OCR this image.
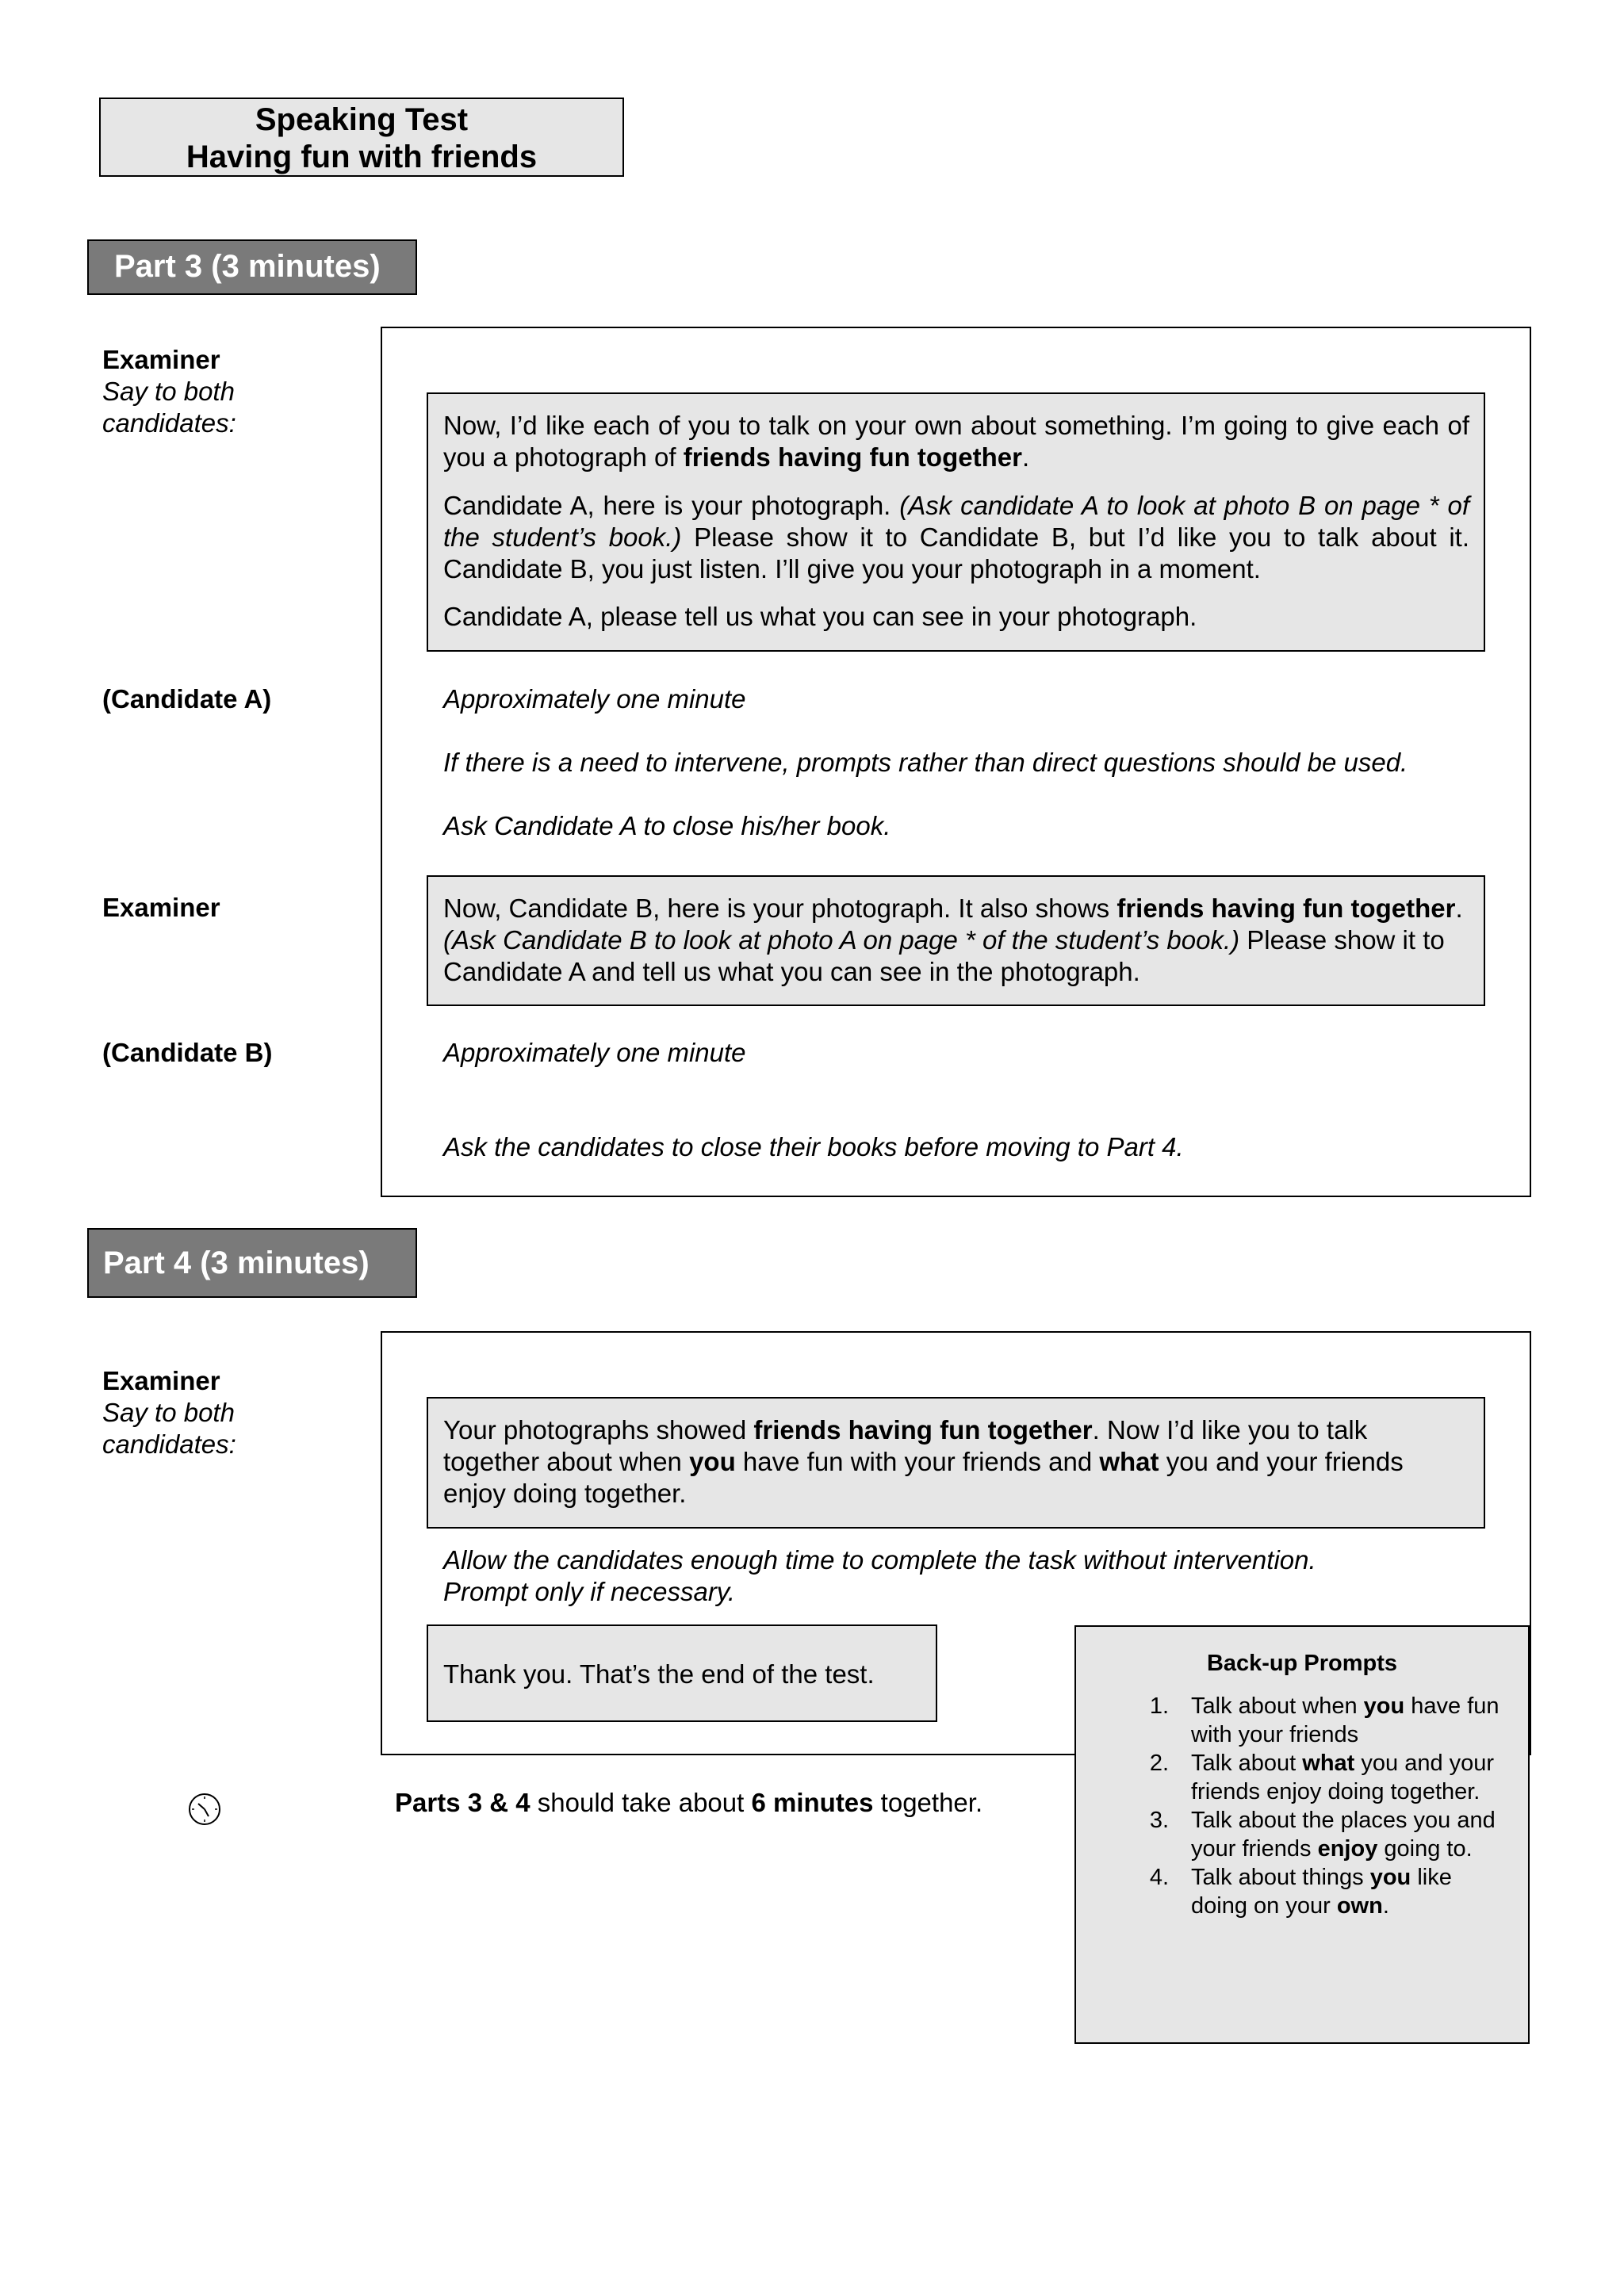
Speaking Test
Having fun with friends
Part 3 (3 minutes)
Examiner
Say to both candidates:
(Candidate A)
Examiner
(Candidate B)

Now, I’d like each of you to talk on your own about something. I’m going to give each of you a photograph of friends having fun together.

Candidate A, here is your photograph. (Ask candidate A to look at photo B on page * of the student’s book.) Please show it to Candidate B, but I’d like you to talk about it. Candidate B, you just listen. I’ll give you your photograph in a moment.

Candidate A, please tell us what you can see in your photograph.

Approximately one minute
If there is a need to intervene, prompts rather than direct questions should be used.
Ask Candidate A to close his/her book.

Now, Candidate B, here is your photograph. It also shows friends having fun together. (Ask Candidate B to look at photo A on page * of the student’s book.) Please show it to Candidate A and tell us what you can see in the photograph.

Approximately one minute
Ask the candidates to close their books before moving to Part 4.
Part 4 (3 minutes)
Examiner
Say to both candidates:	Your photographs showed friends having fun together. Now I’d like you to talk together about when you have fun with your friends and what you and your friends enjoy doing together.

Allow the candidates enough time to complete the task without intervention.
Prompt only if necessary.
Thank you. That’s the end of the test.	Back-up Prompts
1. Talk about when you have fun with your friends
2. Talk about what you and your friends enjoy doing together.
3. Talk about the places you and your friends enjoy going to.
4. Talk about things you like doing on your own.
Parts 3 & 4 should take about 6 minutes together.
